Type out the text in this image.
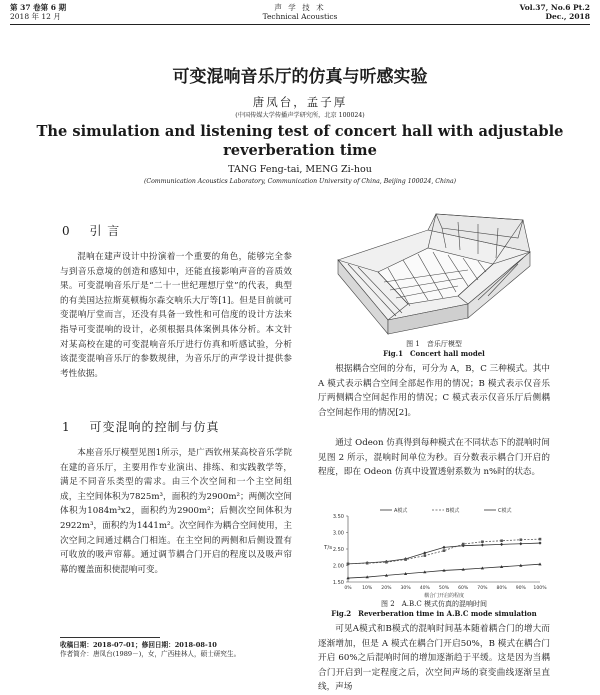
第 37 卷第 6 期
2018 年 12 月
声 学 技 术
Technical Acoustics
Vol.37, No.6 Pt.2
Dec., 2018
可变混响音乐厅的仿真与听感实验
唐凤台，孟子厚
(中国传媒大学传播声学研究所，北京 100024)
The simulation and listening test of concert hall with adjustable
reverberation time
TANG Feng-tai, MENG Zi-hou
(Communication Acoustics Laboratory, Communication University of China, Beijing 100024, China)
0 引 言
混响在建声设计中扮演着一个重要的角色，能够完全参与到音乐意境的创造和感知中，还能直接影响声音的音质效果。可变混响音乐厅是“二十一世纪理想厅堂”的代表，典型的有美国达拉斯莫顿梅尔森交响乐大厅等[1]。但是目前就可变混响厅堂而言，还没有具备一致性和可信度的设计方法来指导可变混响的设计，必须根据具体案例具体分析。本文针对某高校在建的可变混响音乐厅进行仿真和听感试验，分析该混变混响音乐厅的参数规律，为音乐厅的声学设计提供参考性依据。
1 可变混响的控制与仿真
本座音乐厅模型见图1所示，是广西钦州某高校音乐学院在建的音乐厅，主要用作专业演出、排练、和实践教学等，满足不同音乐类型的需求。由三个次空间和一个主空间组成，主空间体积为7825m³，面积约为2900m²；两侧次空间体积为1084m³x2，面积约为2900m²；后侧次空间体积为2922m³，面积约为1441m²。次空间作为耦合空间使用，主次空间之间通过耦合门相连。在主空间的两侧和后侧设置有可收放的吸声帘幕。通过调节耦合门开启的程度以及吸声帘幕的覆盖面积使混响可变。
收稿日期：2018-07-01；修回日期：2018-08-10
作者简介：唐凤台(1989－)，女，广西桂林人，硕士研究生。
图 1　音乐厅模型
Fig.1　Concert hall model
根据耦合空间的分布，可分为 A，B，C 三种模式。其中 A 模式表示耦合空间全部起作用的情况；B 模式表示仅音乐厅两侧耦合空间起作用的情况；C 模式表示仅音乐厅后侧耦合空间起作用的情况[2]。
通过 Odeon 仿真得到每种模式在不同状态下的混响时间见图 2 所示，混响时间单位为秒。百分数表示耦合门开启的程度，即在 Odeon 仿真中设置透射系数为 n%时的状态。
1.50
2.00
2.50
3.00
3.50
T/s
0% 10% 20% 30% 40% 50% 60% 70% 80% 90% 100%
耦合门开启的程度
A模式	B模式	C模式
图 2　A.B.C 模式仿真的混响时间
Fig.2　Reverberation time in A.B.C mode simulation
可见A模式和B模式的混响时间基本随着耦合门的增大而逐渐增加，但是 A 模式在耦合门开启50%，B 模式在耦合门开启 60%之后混响时间的增加逐渐趋于平缓。这是因为当耦合门开启到一定程度之后，次空间声场的衰变曲线逐渐呈直线，声场
